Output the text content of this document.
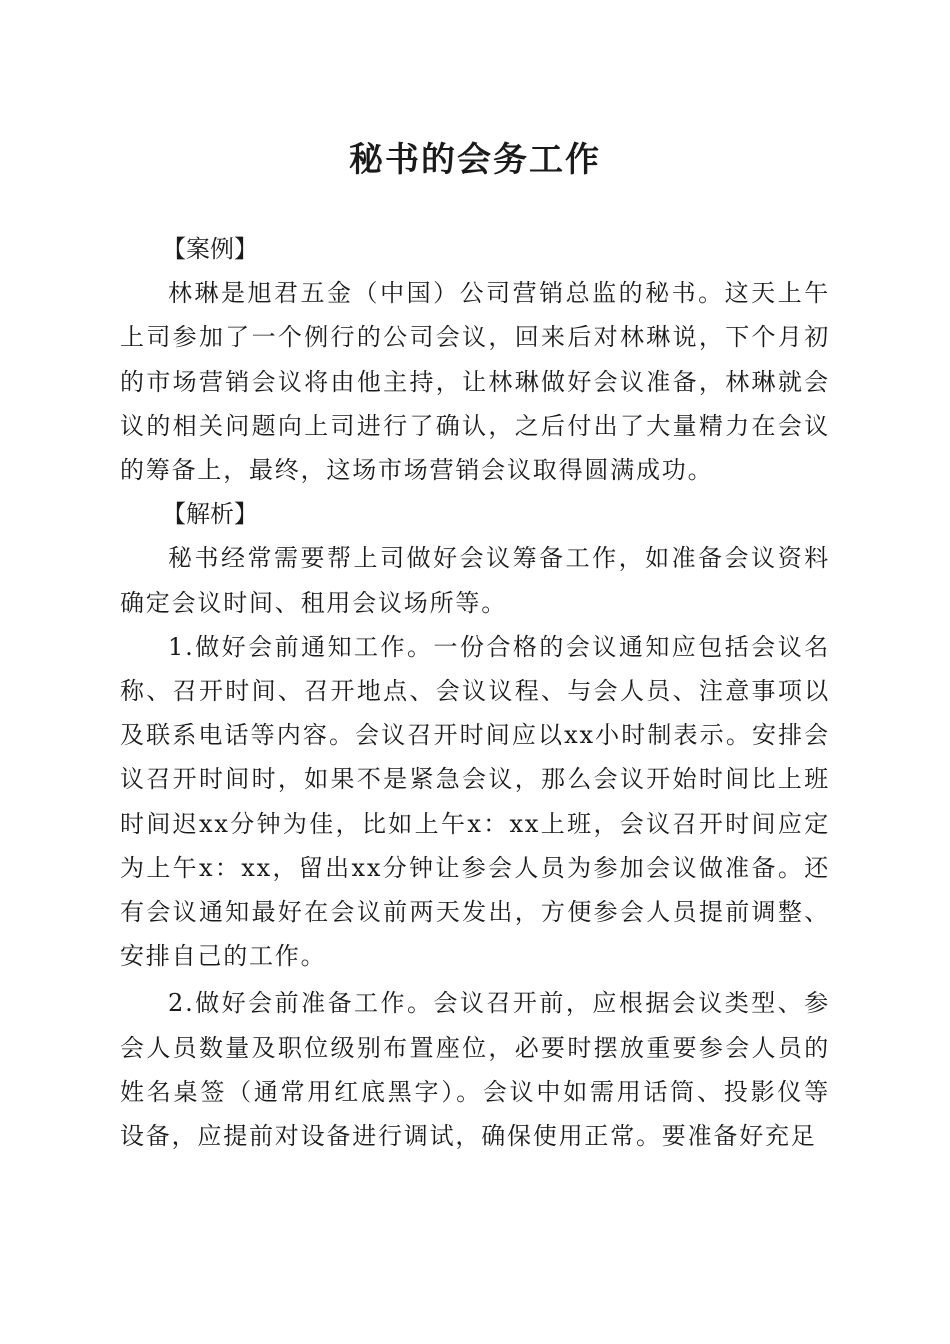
秘书的会务工作

【案例】

林琳是旭君五金（中国）公司营销总监的秘书。这天上午上司参加了一个例行的公司会议，回来后对林琳说，下个月初的市场营销会议将由他主持，让林琳做好会议准备，林琳就会议的相关问题向上司进行了确认，之后付出了大量精力在会议的筹备上，最终，这场市场营销会议取得圆满成功。

【解析】

秘书经常需要帮上司做好会议筹备工作，如准备会议资料确定会议时间、租用会议场所等。

1.做好会前通知工作。一份合格的会议通知应包括会议名称、召开时间、召开地点、会议议程、与会人员、注意事项以及联系电话等内容。会议召开时间应以xx小时制表示。安排会议召开时间时，如果不是紧急会议，那么会议开始时间比上班时间迟xx分钟为佳，比如上午x：xx上班，会议召开时间应定为上午x：xx，留出xx分钟让参会人员为参加会议做准备。还有会议通知最好在会议前两天发出，方便参会人员提前调整、安排自己的工作。

2.做好会前准备工作。会议召开前，应根据会议类型、参会人员数量及职位级别布置座位，必要时摆放重要参会人员的姓名桌签（通常用红底黑字）。会议中如需用话筒、投影仪等设备，应提前对设备进行调试，确保使用正常。要准备好充足
